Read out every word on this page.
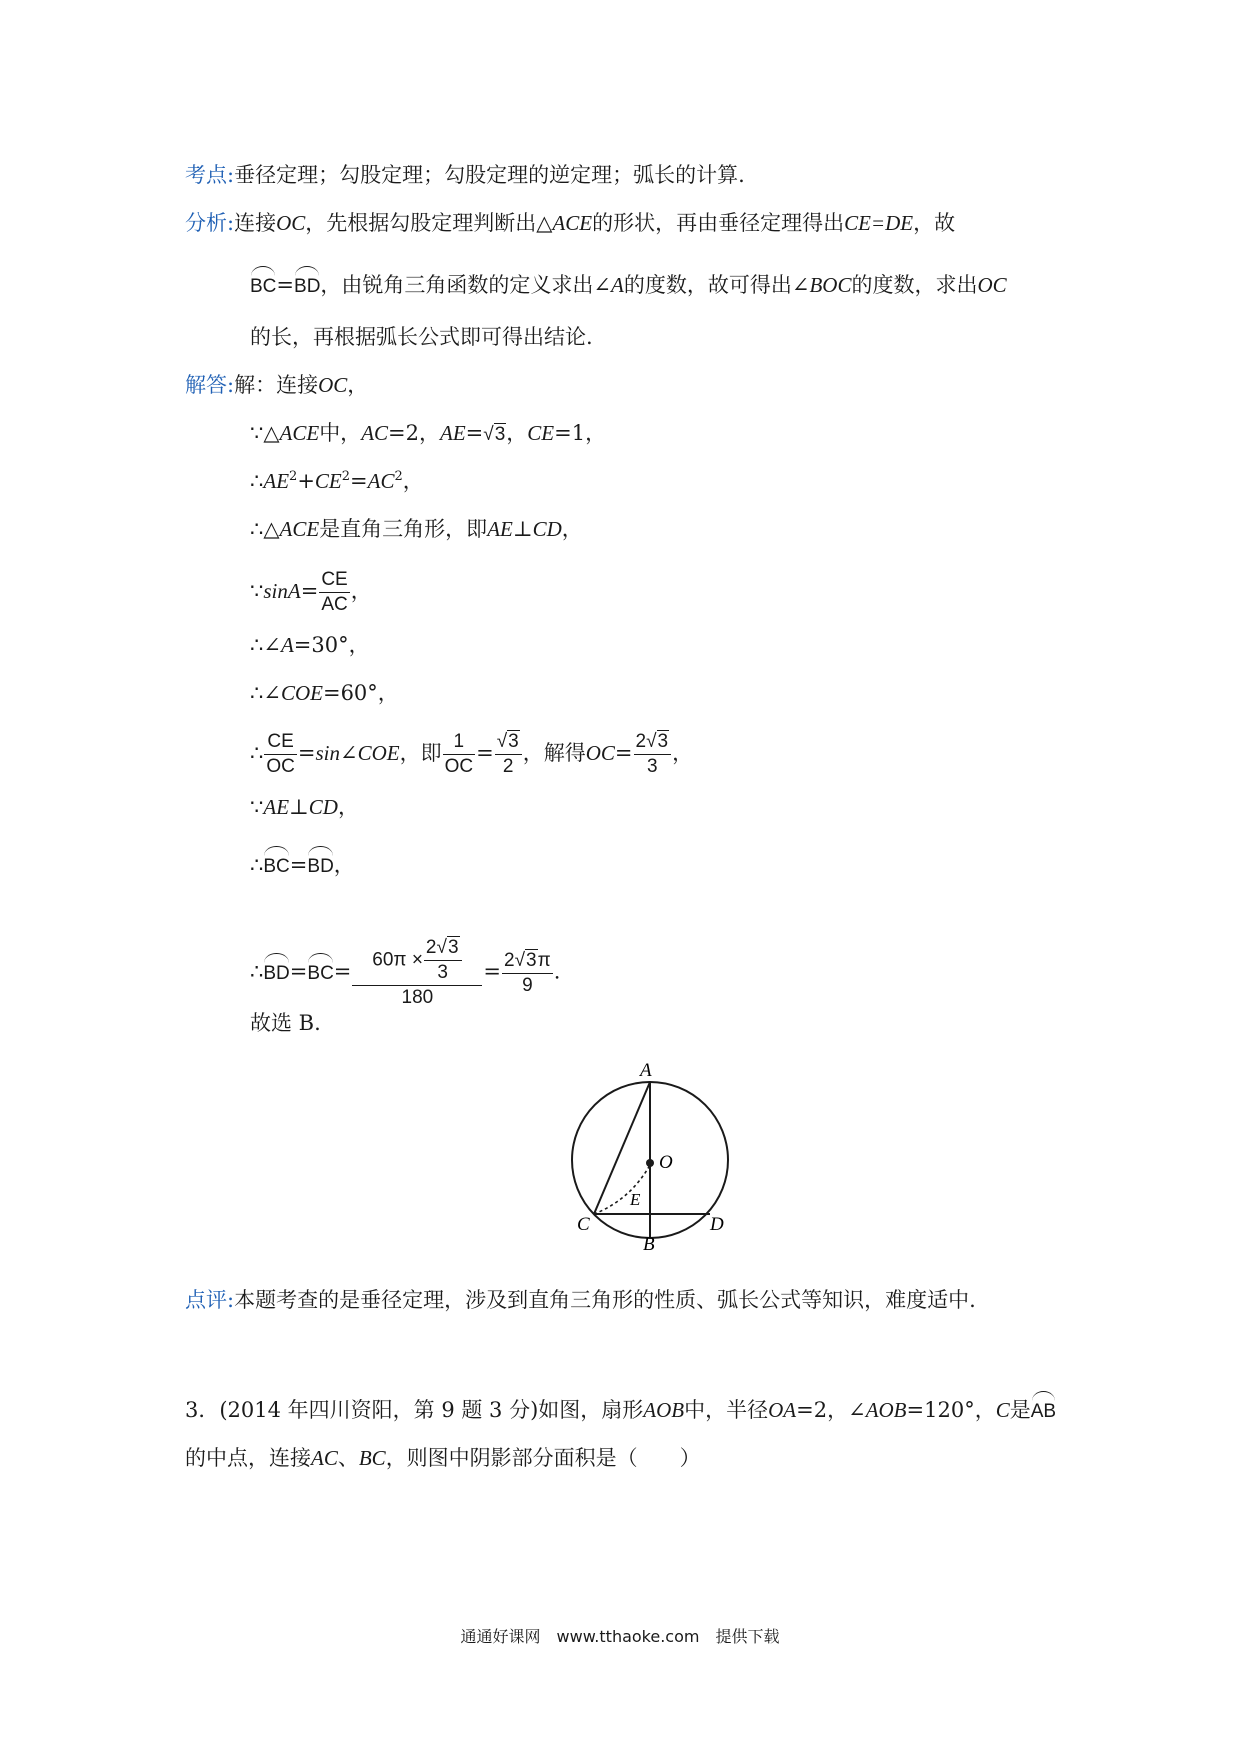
考点:垂径定理；勾股定理；勾股定理的逆定理；弧长的计算.
分析:连接OC，先根据勾股定理判断出△ACE的形状，再由垂径定理得出CE=DE，故
BC=BD，由锐角三角函数的定义求出∠A的度数，故可得出∠BOC的度数，求出OC
的长，再根据弧长公式即可得出结论.
解答:解：连接OC，
∵△ACE中，AC=2，AE=√3，CE=1，
$\therefore AE^2+CE^2=AC^2$，
∴△ACE是直角三角形，即AE⊥CD，
∵sinA= $\frac{CE}{AC}$ ，
∴∠A=30°，
∴∠COE=60°，
∴ $\frac{CE}{OC}$ =sin∠COE，即 $\frac{1}{OC} = \frac{√3}{2}$ ，解得$OC= \frac{2√3}{3}$ ，
∵AE⊥CD，
∴BC=BD，
∴BD=BC= $\frac{60\pi \times \frac{2√3}{3}}{180} = \frac{2√3\pi}{9}$ .
故选 B.
A
O
E
C	D
B
点评:本题考查的是垂径定理，涉及到直角三角形的性质、弧长公式等知识，难度适中.
3．(2014 年四川资阳，第 9 题 3 分)如图，扇形AOB中，半径OA=2，∠AOB=120°，C是AB
的中点，连接AC、BC，则图中阴影部分面积是（　　）
通通好课网　www.tthaoke.com　提供下载
